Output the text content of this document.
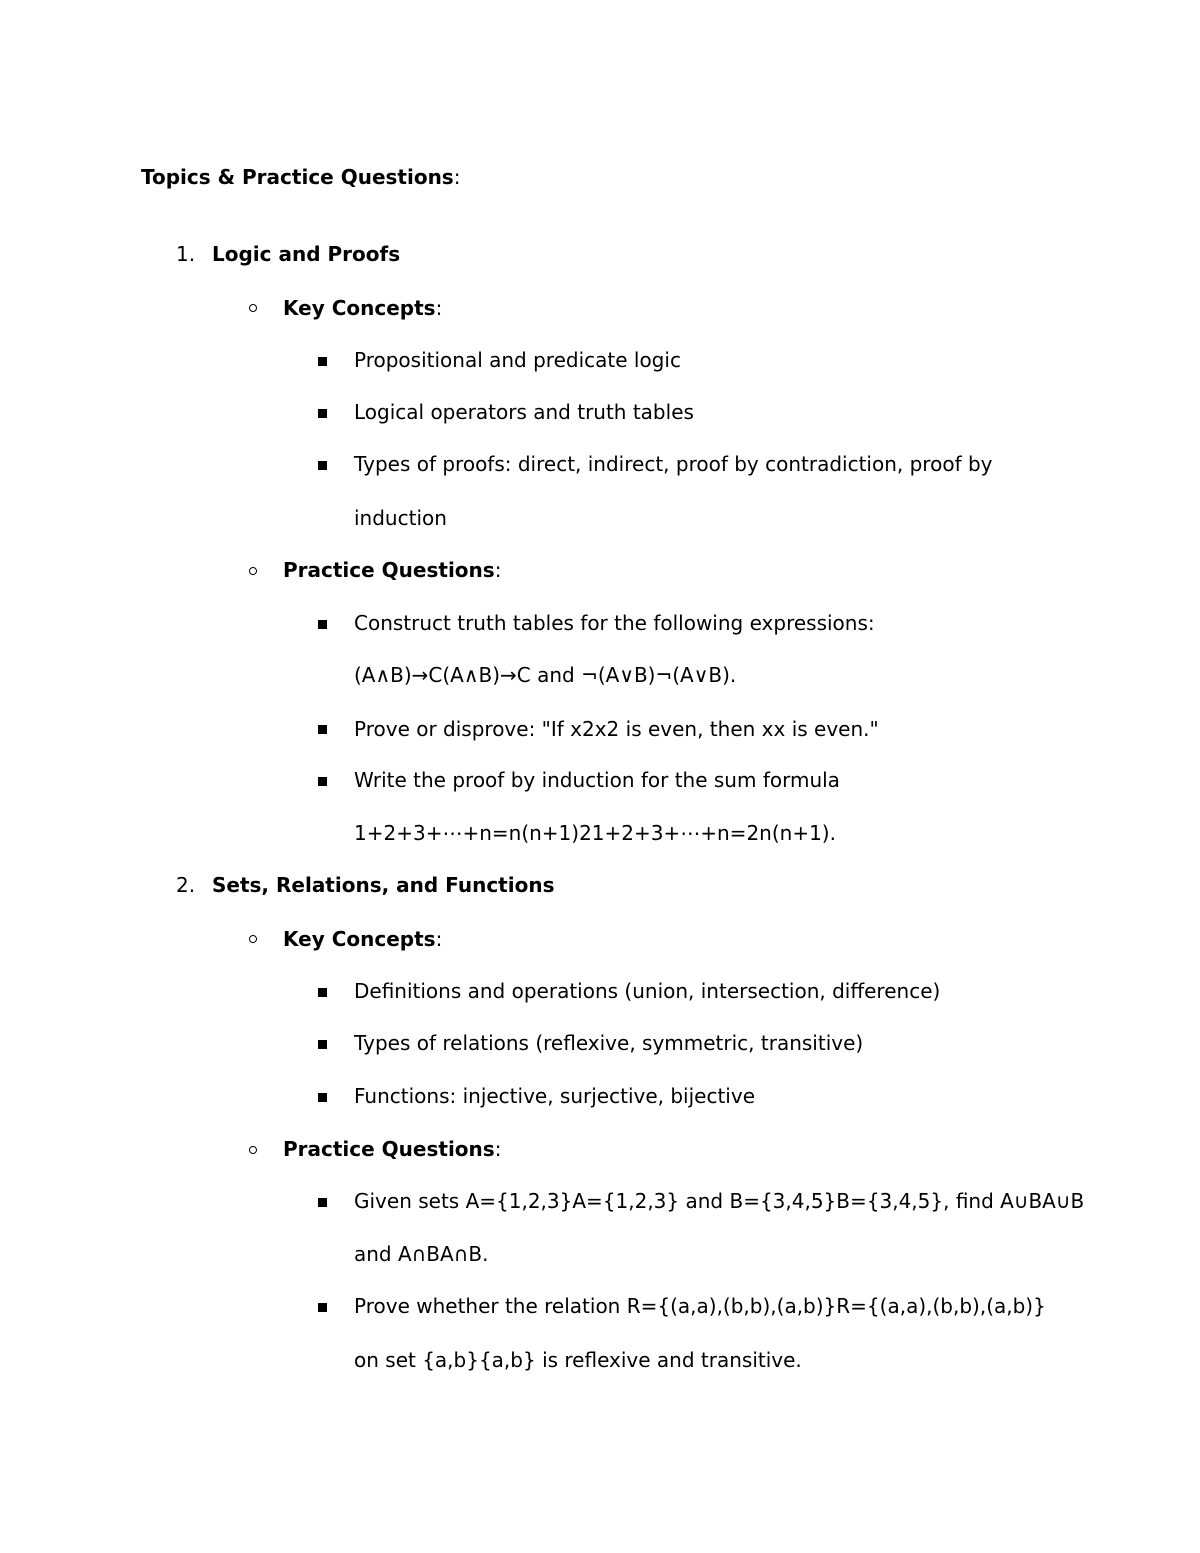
Topics & Practice Questions:
1. Logic and Proofs
Key Concepts:
Propositional and predicate logic
Logical operators and truth tables
Types of proofs: direct, indirect, proof by contradiction, proof by
induction
Practice Questions:
Construct truth tables for the following expressions:
(A∧B)→C(A∧B)→C and ¬(A∨B)¬(A∨B).
Prove or disprove: "If x2x2 is even, then xx is even."
Write the proof by induction for the sum formula
1+2+3+⋯+n=n(n+1)21+2+3+⋯+n=2n(n+1).
2. Sets, Relations, and Functions
Key Concepts:
Definitions and operations (union, intersection, difference)
Types of relations (reflexive, symmetric, transitive)
Functions: injective, surjective, bijective
Practice Questions:
Given sets A={1,2,3}A={1,2,3} and B={3,4,5}B={3,4,5}, find A∪BA∪B
and A∩BA∩B.
Prove whether the relation R={(a,a),(b,b),(a,b)}R={(a,a),(b,b),(a,b)}
on set {a,b}{a,b} is reflexive and transitive.
